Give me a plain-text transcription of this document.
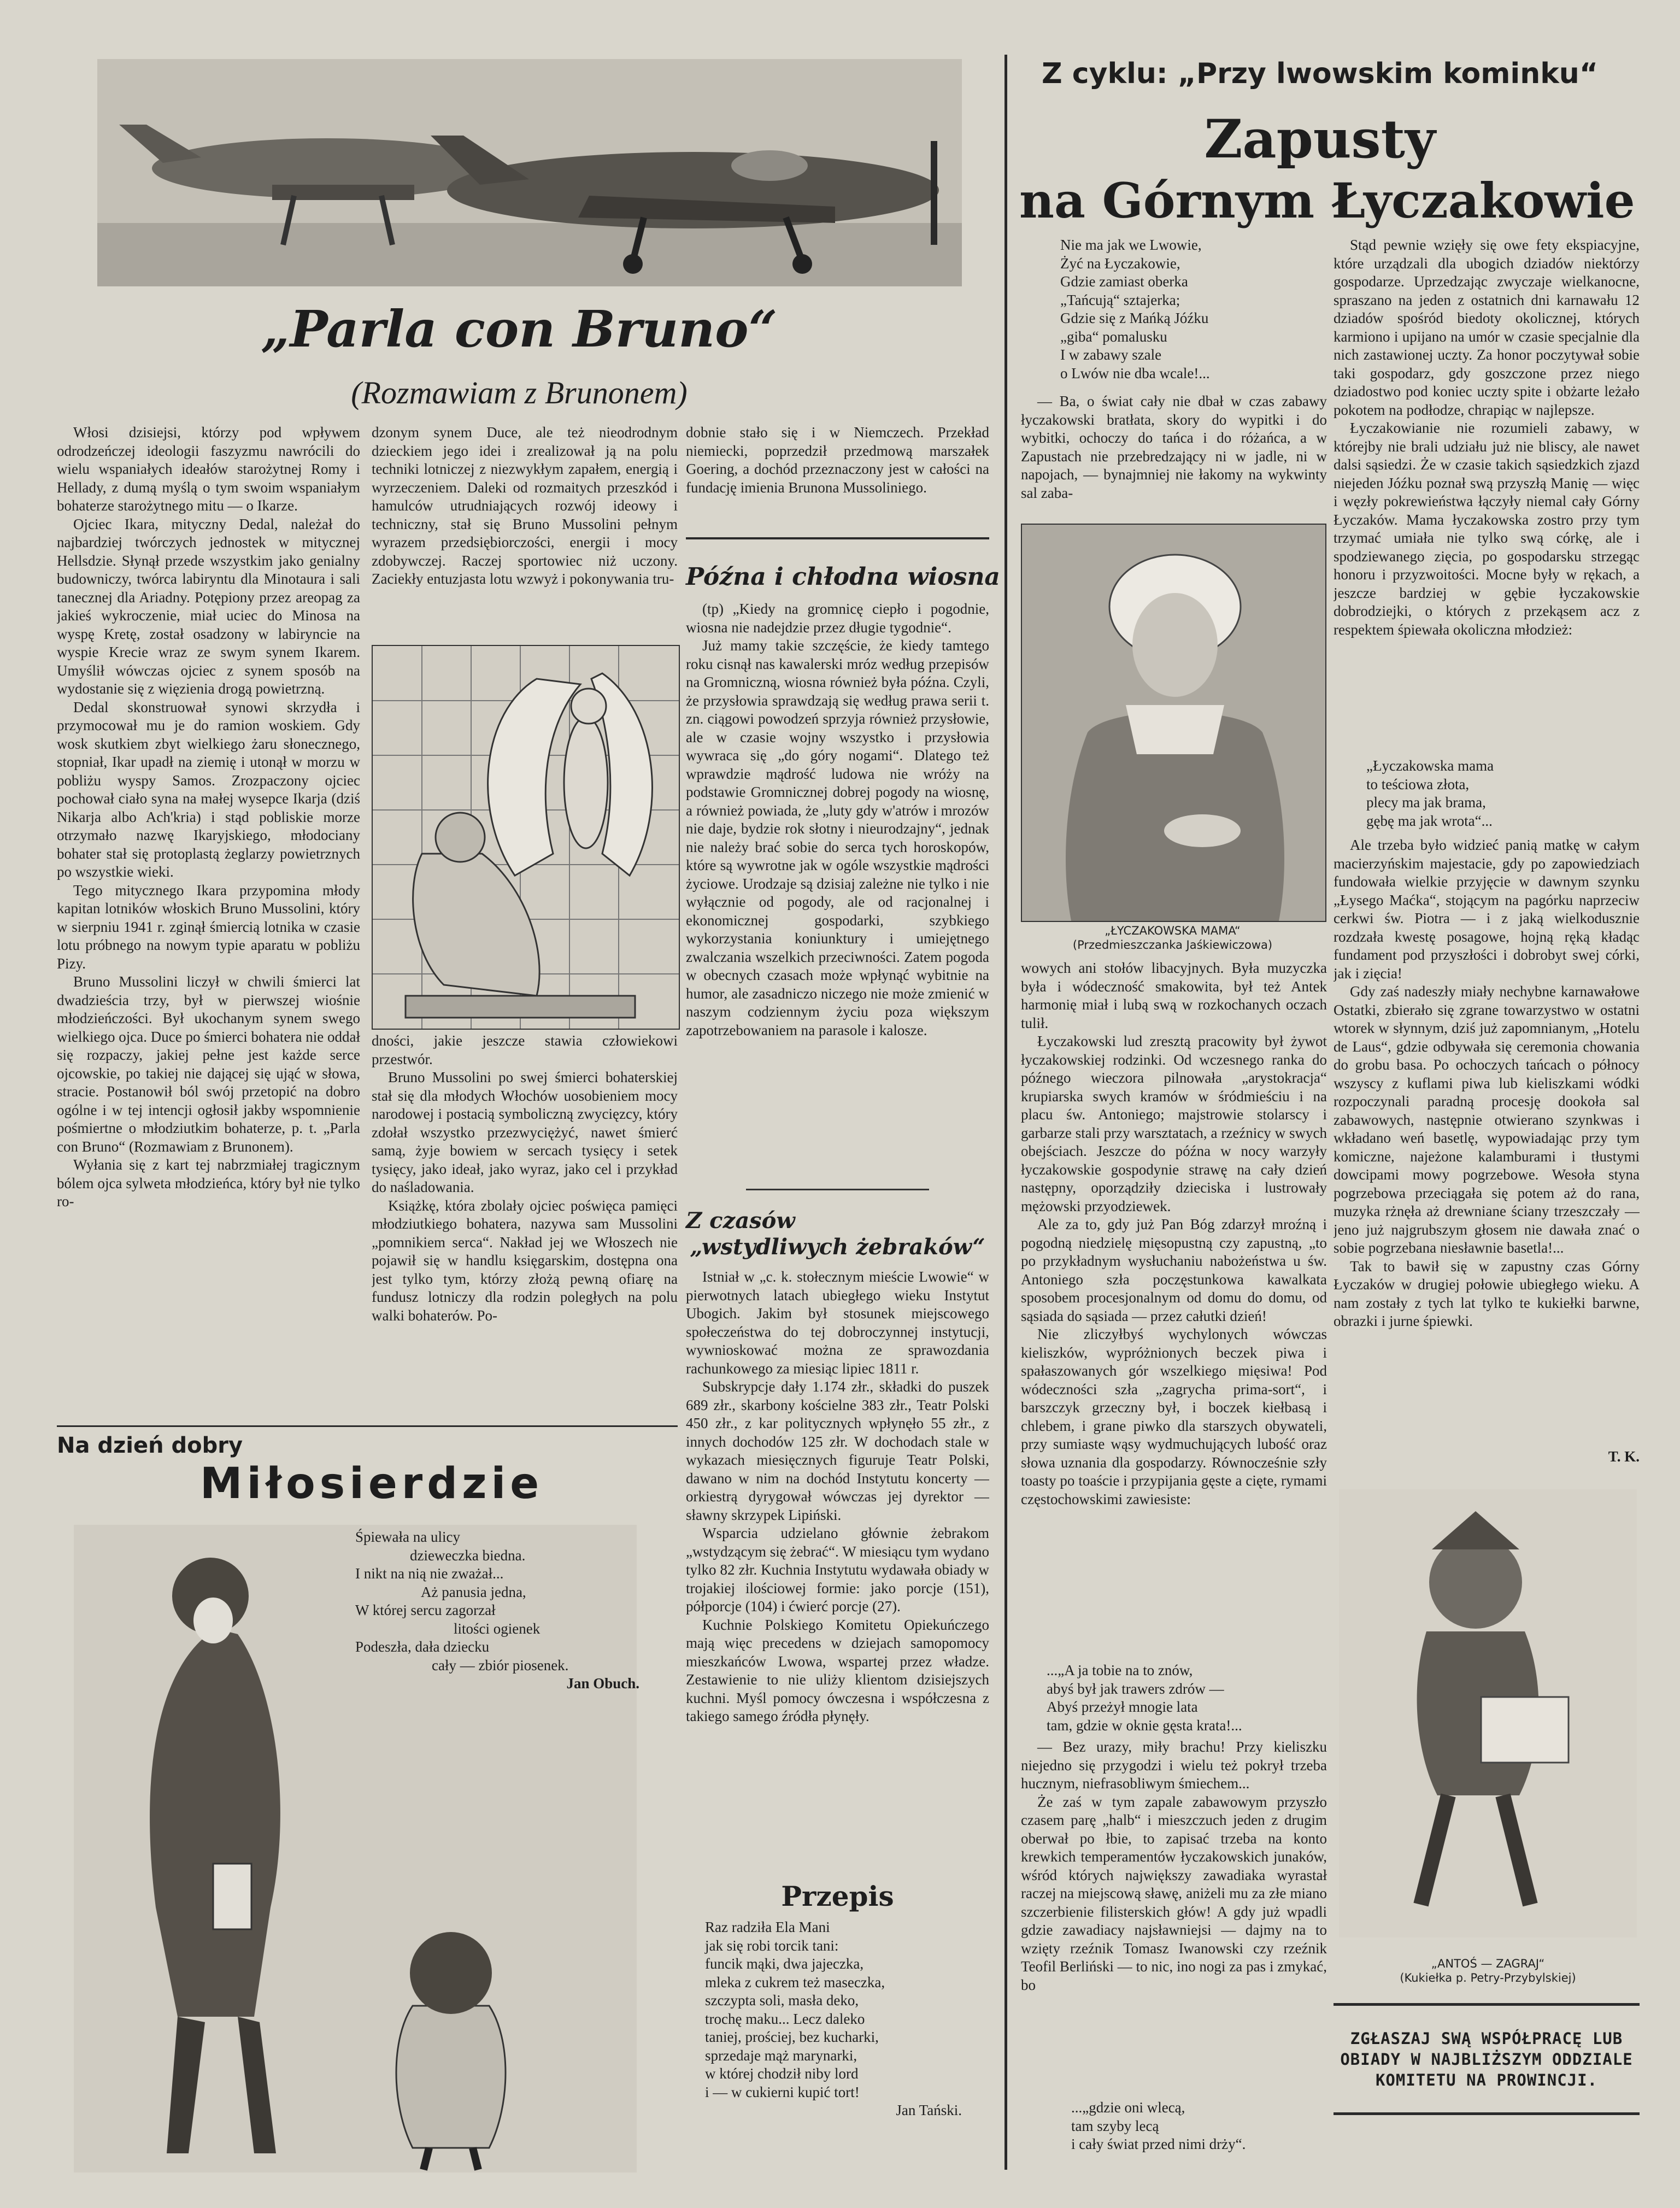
„Parla con Bruno“
(Rozmawiam z Brunonem)

Włosi dzisiejsi, którzy pod wpływem odrodzeńczej ideologii faszyzmu nawrócili do wielu wspaniałych ideałów starożytnej Romy i Hellady, z dumą myślą o tym swoim wspaniałym bohaterze starożytnego mitu — o Ikarze.

Ojciec Ikara, mityczny Dedal, należał do najbardziej twórczych jednostek w mitycznej Hellsdzie. Słynął przede wszystkim jako genialny budowniczy, twórca labiryntu dla Minotaura i sali tanecznej dla Ariadny. Potępiony przez areopag za jakieś wykroczenie, miał uciec do Minosa na wyspę Kretę, został osadzony w labiryncie na wyspie Krecie wraz ze swym synem Ikarem. Umyślił wówczas ojciec z synem sposób na wydostanie się z więzienia drogą powietrzną.

Dedal skonstruował synowi skrzydła i przymocował mu je do ramion woskiem. Gdy wosk skutkiem zbyt wielkiego żaru słonecznego, stopniał, Ikar upadł na ziemię i utonął w morzu w pobliżu wyspy Samos. Zrozpaczony ojciec pochował ciało syna na małej wysepce Ikarja (dziś Nikarja albo Ach'kria) i stąd pobliskie morze otrzymało nazwę Ikaryjskiego, młodociany bohater stał się protoplastą żeglarzy powietrznych po wszystkie wieki.

Tego mitycznego Ikara przypomina młody kapitan lotników włoskich Bruno Mussolini, który w sierpniu 1941 r. zginął śmiercią lotnika w czasie lotu próbnego na nowym typie aparatu w pobliżu Pizy.

Bruno Mussolini liczył w chwili śmierci lat dwadzieścia trzy, był w pierwszej wiośnie młodzieńczości. Był ukochanym synem swego wielkiego ojca. Duce po śmierci bohatera nie oddał się rozpaczy, jakiej pełne jest każde serce ojcowskie, po takiej nie dającej się ująć w słowa, stracie. Postanowił ból swój przetopić na dobro ogólne i w tej intencji ogłosił jakby wspomnienie pośmiertne o młodziutkim bohaterze, p. t. „Parla con Bruno“ (Rozmawiam z Brunonem).

Wyłania się z kart tej nabrzmiałej tragicznym bólem ojca sylweta młodzieńca, który był nie tylko ro-

dzonym synem Duce, ale też nieodrodnym dzieckiem jego idei i zrealizował ją na polu techniki lotniczej z niezwykłym zapałem, energią i wyrzeczeniem. Daleki od rozmaitych przeszkód i hamulców utrudniających rozwój ideowy i techniczny, stał się Bruno Mussolini pełnym wyrazem przedsiębiorczości, energii i mocy zdobywczej. Raczej sportowiec niż uczony. Zaciekły entuzjasta lotu wzwyż i pokonywania tru-

dności, jakie jeszcze stawia człowiekowi przestwór.

Bruno Mussolini po swej śmierci bohaterskiej stał się dla młodych Włochów uosobieniem mocy narodowej i postacią symboliczną zwycięzcy, który zdołał wszystko przezwyciężyć, nawet śmierć samą, żyje bowiem w sercach tysięcy i setek tysięcy, jako ideał, jako wyraz, jako cel i przykład do naśladowania.

Książkę, która zbolały ojciec poświęca pamięci młodziutkiego bohatera, nazywa sam Mussolini „pomnikiem serca“. Nakład jej we Włoszech nie pojawił się w handlu księgarskim, dostępna ona jest tylko tym, którzy złożą pewną ofiarę na fundusz lotniczy dla rodzin poległych na polu walki bohaterów. Po-

dobnie stało się i w Niemczech. Przekład niemiecki, poprzedził przedmową marszałek Goering, a dochód przeznaczony jest w całości na fundację imienia Brunona Mussoliniego.

Późna i chłodna wiosna

(tp) „Kiedy na gromnicę ciepło i pogodnie, wiosna nie nadejdzie przez długie tygodnie“.

Już mamy takie szczęście, że kiedy tamtego roku cisnął nas kawalerski mróz według przepisów na Gromniczną, wiosna również była późna. Czyli, że przysłowia sprawdzają się według prawa serii t. zn. ciągowi powodzeń sprzyja również przysłowie, ale w czasie wojny wszystko i przysłowia wywraca się „do góry nogami“. Dlatego też wprawdzie mądrość ludowa nie wróży na podstawie Gromnicznej dobrej pogody na wiosnę, a również powiada, że „luty gdy w'atrów i mrozów nie daje, bydzie rok słotny i nieurodzajny“, jednak nie należy brać sobie do serca tych horoskopów, które są wywrotne jak w ogóle wszystkie mądrości życiowe. Urodzaje są dzisiaj zależne nie tylko i nie wyłącznie od pogody, ale od racjonalnej i ekonomicznej gospodarki, szybkiego wykorzystania koniunktury i umiejętnego zwalczania wszelkich przeciwności. Zatem pogoda w obecnych czasach może wpłynąć wybitnie na humor, ale zasadniczo niczego nie może zmienić w naszym codziennym życiu poza większym zapotrzebowaniem na parasole i kalosze.

Z czasów
„wstydliwych żebraków“

Istniał w „c. k. stołecznym mieście Lwowie“ w pierwotnych latach ubiegłego wieku Instytut Ubogich. Jakim był stosunek miejscowego społeczeństwa do tej dobroczynnej instytucji, wywnioskować można ze sprawozdania rachunkowego za miesiąc lipiec 1811 r.

Subskrypcje dały 1.174 złr., składki do puszek 689 złr., skarbony kościelne 383 złr., Teatr Polski 450 złr., z kar politycznych wpłynęło 55 złr., z innych dochodów 125 złr. W dochodach stale w wykazach miesięcznych figuruje Teatr Polski, dawano w nim na dochód Instytutu koncerty — orkiestrą dyrygował wówczas jej dyrektor — sławny skrzypek Lipiński.

Wsparcia udzielano głównie żebrakom „wstydzącym się żebrać“. W miesiącu tym wydano tylko 82 złr. Kuchnia Instytutu wydawała obiady w trojakiej ilościowej formie: jako porcje (151), półporcje (104) i ćwierć porcje (27).

Kuchnie Polskiego Komitetu Opiekuńczego mają więc precedens w dziejach samopomocy mieszkańców Lwowa, wspartej przez władze. Zestawienie to nie uliży klientom dzisiejszych kuchni. Myśl pomocy ówczesna i współczesna z takiego samego źródła płynęły.

Przepis
Raz radziła Ela Mani
jak się robi torcik tani:
funcik mąki, dwa jajeczka,
mleka z cukrem też maseczka,
szczypta soli, masła deko,
trochę maku... Lecz daleko
taniej, prościej, bez kucharki,
sprzedaje mąż marynarki,
w której chodził niby lord
i — w cukierni kupić tort!
Jan Tański.
Na dzień dobry
Miłosierdzie
Śpiewała na ulicy
dzieweczka biedna.
I nikt na nią nie zważał...
Aż panusia jedna,
W której sercu zagorzał
litości ogienek
Podeszła, dała dziecku
cały — zbiór piosenek.
Jan Obuch.
Z cyklu: „Przy lwowskim kominku“
Zapusty
na Górnym Łyczakowie
Nie ma jak we Lwowie,
Żyć na Łyczakowie,
Gdzie zamiast oberka
„Tańcują“ sztajerka;
Gdzie się z Mańką Jóźku
„giba“ pomalusku
I w zabawy szale
o Lwów nie dba wcale!...

— Ba, o świat cały nie dbał w czas zabawy łyczakowski bratłata, skory do wypitki i do wybitki, ochoczy do tańca i do różańca, a w Zapustach nie przebredzający ni w jadle, ni w napojach, — bynajmniej nie łakomy na wykwinty sal zaba-

„ŁYCZAKOWSKA MAMA“
(Przedmieszczanka Jaśkiewiczowa)

wowych ani stołów libacyjnych. Była muzyczka była i wódeczność smakowita, był też Antek harmonię miał i lubą swą w rozkochanych oczach tulił.

Łyczakowski lud zresztą pracowity był żywot łyczakowskiej rodzinki. Od wczesnego ranka do późnego wieczora pilnowała „arystokracja“ krupiarska swych kramów w śródmieściu i na placu św. Antoniego; majstrowie stolarscy i garbarze stali przy warsztatach, a rzeźnicy w swych obejściach. Jeszcze do późna w nocy warzyły łyczakowskie gospodynie strawę na cały dzień następny, oporządziły dzieciska i lustrowały mężowski przyodziewek.

Ale za to, gdy już Pan Bóg zdarzył mroźną i pogodną niedzielę mięsopustną czy zapustną, „to po przykładnym wysłuchaniu nabożeństwa u św. Antoniego szła poczęstunkowa kawalkata sposobem procesjonalnym od domu do domu, od sąsiada do sąsiada — przez całutki dzień!

Nie zliczyłbyś wychylonych wówczas kieliszków, wypróżnionych beczek piwa i spałaszowanych gór wszelkiego mięsiwa! Pod wódeczności szła „zagrycha prima-sort“, i barszczyk grzeczny był, i boczek kiełbasą i chlebem, i grane piwko dla starszych obywateli, przy sumiaste wąsy wydmuchujących lubość oraz słowa uznania dla gospodarzy. Równocześnie szły toasty po toaście i przypijania gęste a cięte, rymami częstochowskimi zawiesiste:

...„A ja tobie na to znów,
abyś był jak trawers zdrów —
Abyś przeżył mnogie lata
tam, gdzie w oknie gęsta krata!...

— Bez urazy, miły brachu! Przy kieliszku niejedno się przygodzi i wielu też pokrył trzeba hucznym, niefrasobliwym śmiechem...

Że zaś w tym zapale zabawowym przyszło czasem parę „halb“ i mieszczuch jeden z drugim oberwał po łbie, to zapisać trzeba na konto krewkich temperamentów łyczakowskich junaków, wśród których największy zawadiaka wyrastał raczej na miejscową sławę, aniżeli mu za złe miano szczerbienie filisterskich głów! A gdy już wpadli gdzie zawadiacy najsławniejsi — dajmy na to wzięty rzeźnik Tomasz Iwanowski czy rzeźnik Teofil Berliński — to nic, ino nogi za pas i zmykać, bo

...„gdzie oni wlecą,
tam szyby lecą
i cały świat przed nimi drży“.

Stąd pewnie wzięły się owe fety ekspiacyjne, które urządzali dla ubogich dziadów niektórzy gospodarze. Uprzedzając zwyczaje wielkanocne, spraszano na jeden z ostatnich dni karnawału 12 dziadów spośród biedoty okolicznej, których karmiono i upijano na umór w czasie specjalnie dla nich zastawionej uczty. Za honor poczytywał sobie taki gospodarz, gdy goszczone przez niego dziadostwo pod koniec uczty spite i obżarte leżało pokotem na podłodze, chrapiąc w najlepsze.

Łyczakowianie nie rozumieli zabawy, w którejby nie brali udziału już nie bliscy, ale nawet dalsi sąsiedzi. Że w czasie takich sąsiedzkich zjazd niejeden Jóźku poznał swą przyszłą Manię — więc i węzły pokrewieństwa łączyły niemal cały Górny Łyczaków. Mama łyczakowska zostro przy tym trzymać umiała nie tylko swą córkę, ale i spodziewanego zięcia, po gospodarsku strzegąc honoru i przyzwoitości. Mocne były w rękach, a jeszcze bardziej w gębie łyczakowskie dobrodziejki, o których z przekąsem acz z respektem śpiewała okoliczna młodzież:

„Łyczakowska mama
to teściowa złota,
plecy ma jak brama,
gębę ma jak wrota“...

Ale trzeba było widzieć panią matkę w całym macierzyńskim majestacie, gdy po zapowiedziach fundowała wielkie przyjęcie w dawnym szynku „Łysego Maćka“, stojącym na pagórku naprzeciw cerkwi św. Piotra — i z jaką wielkodusznie rozdzała kwestę posagowe, hojną ręką kładąc fundament pod przyszłości i dobrobyt swej córki, jak i zięcia!

Gdy zaś nadeszły miały nechybne karnawałowe Ostatki, zbierało się zgrane towarzystwo w ostatni wtorek w słynnym, dziś już zapomnianym, „Hotelu de Laus“, gdzie odbywała się ceremonia chowania do grobu basa. Po ochoczych tańcach o północy wszyscy z kuflami piwa lub kieliszkami wódki rozpoczynali paradną procesję dookoła sal zabawowych, następnie otwierano szynkwas i wkładano weń basetlę, wypowiadając przy tym komiczne, najeżone kalamburami i tłustymi dowcipami mowy pogrzebowe. Wesoła styna pogrzebowa przeciągała się potem aż do rana, muzyka rżnęła aż drewniane ściany trzeszczały — jeno już najgrubszym głosem nie dawała znać o sobie pogrzebana niesławnie basetla!...

Tak to bawił się w zapustny czas Górny Łyczaków w drugiej połowie ubiegłego wieku. A nam zostały z tych lat tylko te kukiełki barwne, obrazki i jurne śpiewki.

T. K.
„ANTOŚ — ZAGRAJ“
(Kukiełka p. Petry-Przybylskiej)
ZGŁASZAJ SWĄ WSPÓŁPRACĘ LUB OBIADY W NAJBLIŻSZYM ODDZIALE KOMITETU NA PROWINCJI.
